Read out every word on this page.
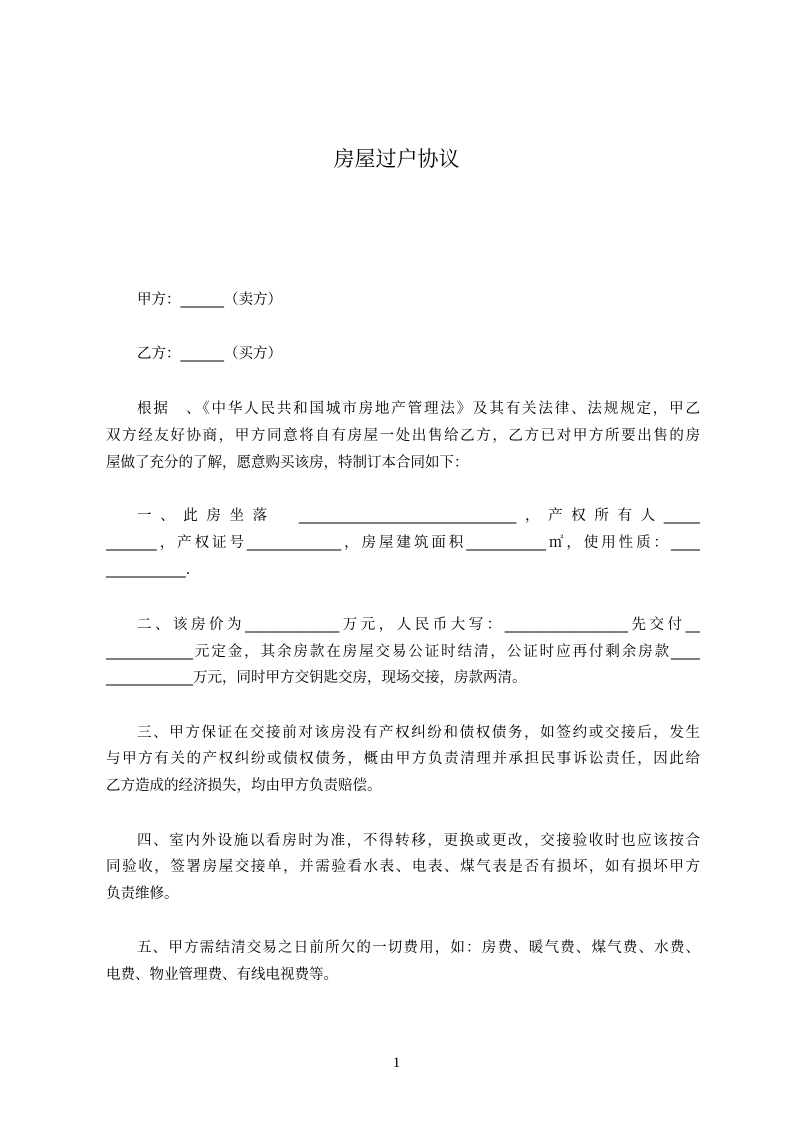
房屋过户协议
甲方：______（卖方）
乙方：______（买方）
根据　、《中华人民共和国城市房地产管理法》及其有关法律、法规规定，甲乙
双方经友好协商，甲方同意将自有房屋一处出售给乙方，乙方已对甲方所要出售的房
屋做了充分的了解，愿意购买该房，特制订本合同如下：
一、此房坐落　______________________________，产权所有人_____
_______，产权证号_____________，房屋建筑面积___________㎡，使用性质：____
___________.
二、该房价为_____________万元，人民币大写：_________________先交付__
____________元定金，其余房款在房屋交易公证时结清，公证时应再付剩余房款____
____________万元，同时甲方交钥匙交房，现场交接，房款两清。
三、甲方保证在交接前对该房没有产权纠纷和债权债务，如签约或交接后，发生
与甲方有关的产权纠纷或债权债务，概由甲方负责清理并承担民事诉讼责任，因此给
乙方造成的经济损失，均由甲方负责赔偿。
四、室内外设施以看房时为准，不得转移，更换或更改，交接验收时也应该按合
同验收，签署房屋交接单，并需验看水表、电表、煤气表是否有损坏，如有损坏甲方
负责维修。
五、甲方需结清交易之日前所欠的一切费用，如：房费、暖气费、煤气费、水费、
电费、物业管理费、有线电视费等。
1
